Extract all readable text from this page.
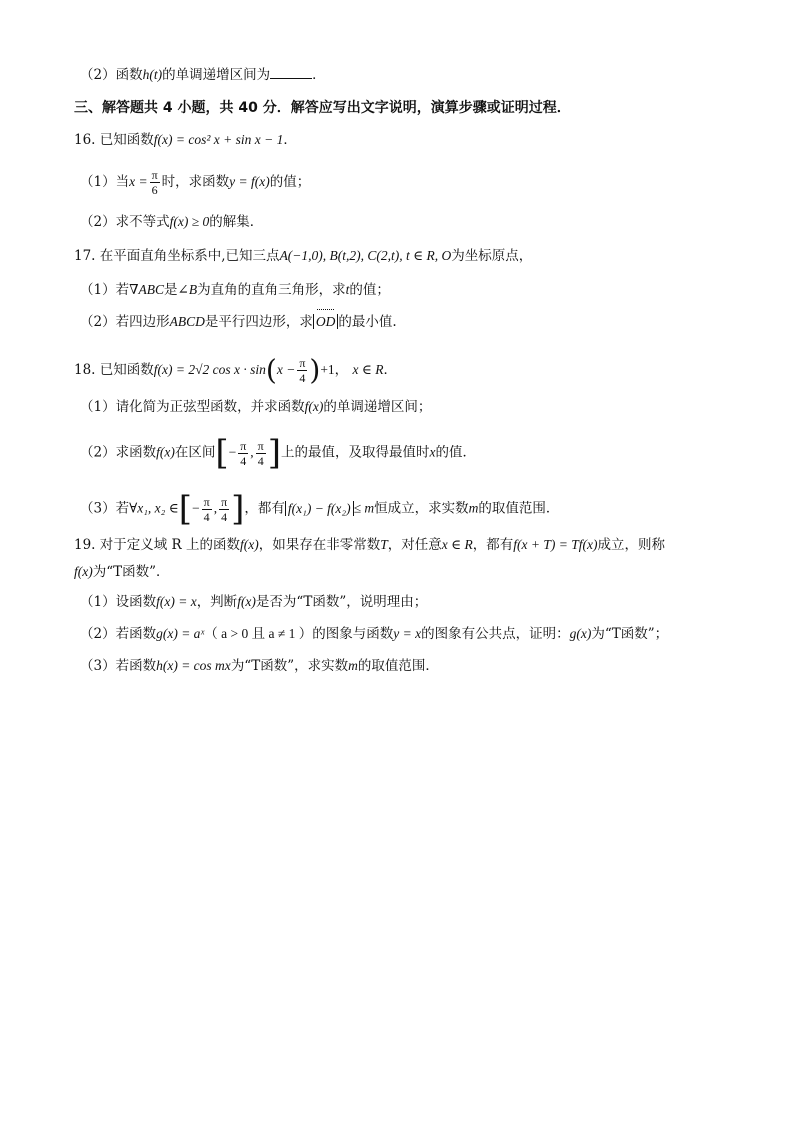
（2）函数h(t)的单调递增区间为	．
三、解答题共 4 小题，共 40 分．解答应写出文字说明，演算步骤或证明过程．
16. 已知函数f(x) = cos² x + sin x − 1．
（1）当$x = \frac{\pi}{6}$ 时，求函数y = f(x)的值；
（2）求不等式f(x) ≥ 0的解集．
17. 在平面直角坐标系中,已知三点A(−1,0), B(t,2), C(2,t), t ∈ R, O为坐标原点，
（1）若∇ABC是∠B为直角的直角三角形，求t的值；
（2）若四边形ABCD是平行四边形，求 OD 的最小值.
18. 已知函数f(x) = 2√2 $\cos x \cdot \sin(x - \frac{\pi}{4} )+1$， x ∈ R．
（1）请化简为正弦型函数，并求函数f(x)的单调递增区间；
（2）求函数f(x)在区间[− $\frac{\pi}{4}$ , $\frac{\pi}{4}$ ]上的最值，及取得最值时x的值．
（3）若∀x₁, x₂ ∈[− $\frac{\pi}{4}$ , $\frac{\pi}{4}$ ]，都有 f(x₁) − f(x₂) ≤ m恒成立，求实数m的取值范围．
19. 对于定义域 R 上的函数f(x)，如果存在非零常数T，对任意x ∈ R，都有f(x + T) = Tf(x)成立，则称
f(x)为“T函数”．
（1）设函数f(x) = x，判断f(x)是否为“T函数”，说明理由；
（2）若函数g(x) = aˣ（ a > 0 且 a ≠ 1 ）的图象与函数y = x的图象有公共点，证明：g(x)为“T函数”；
（3）若函数h(x) = cos mx为“T函数”，求实数m的取值范围．
